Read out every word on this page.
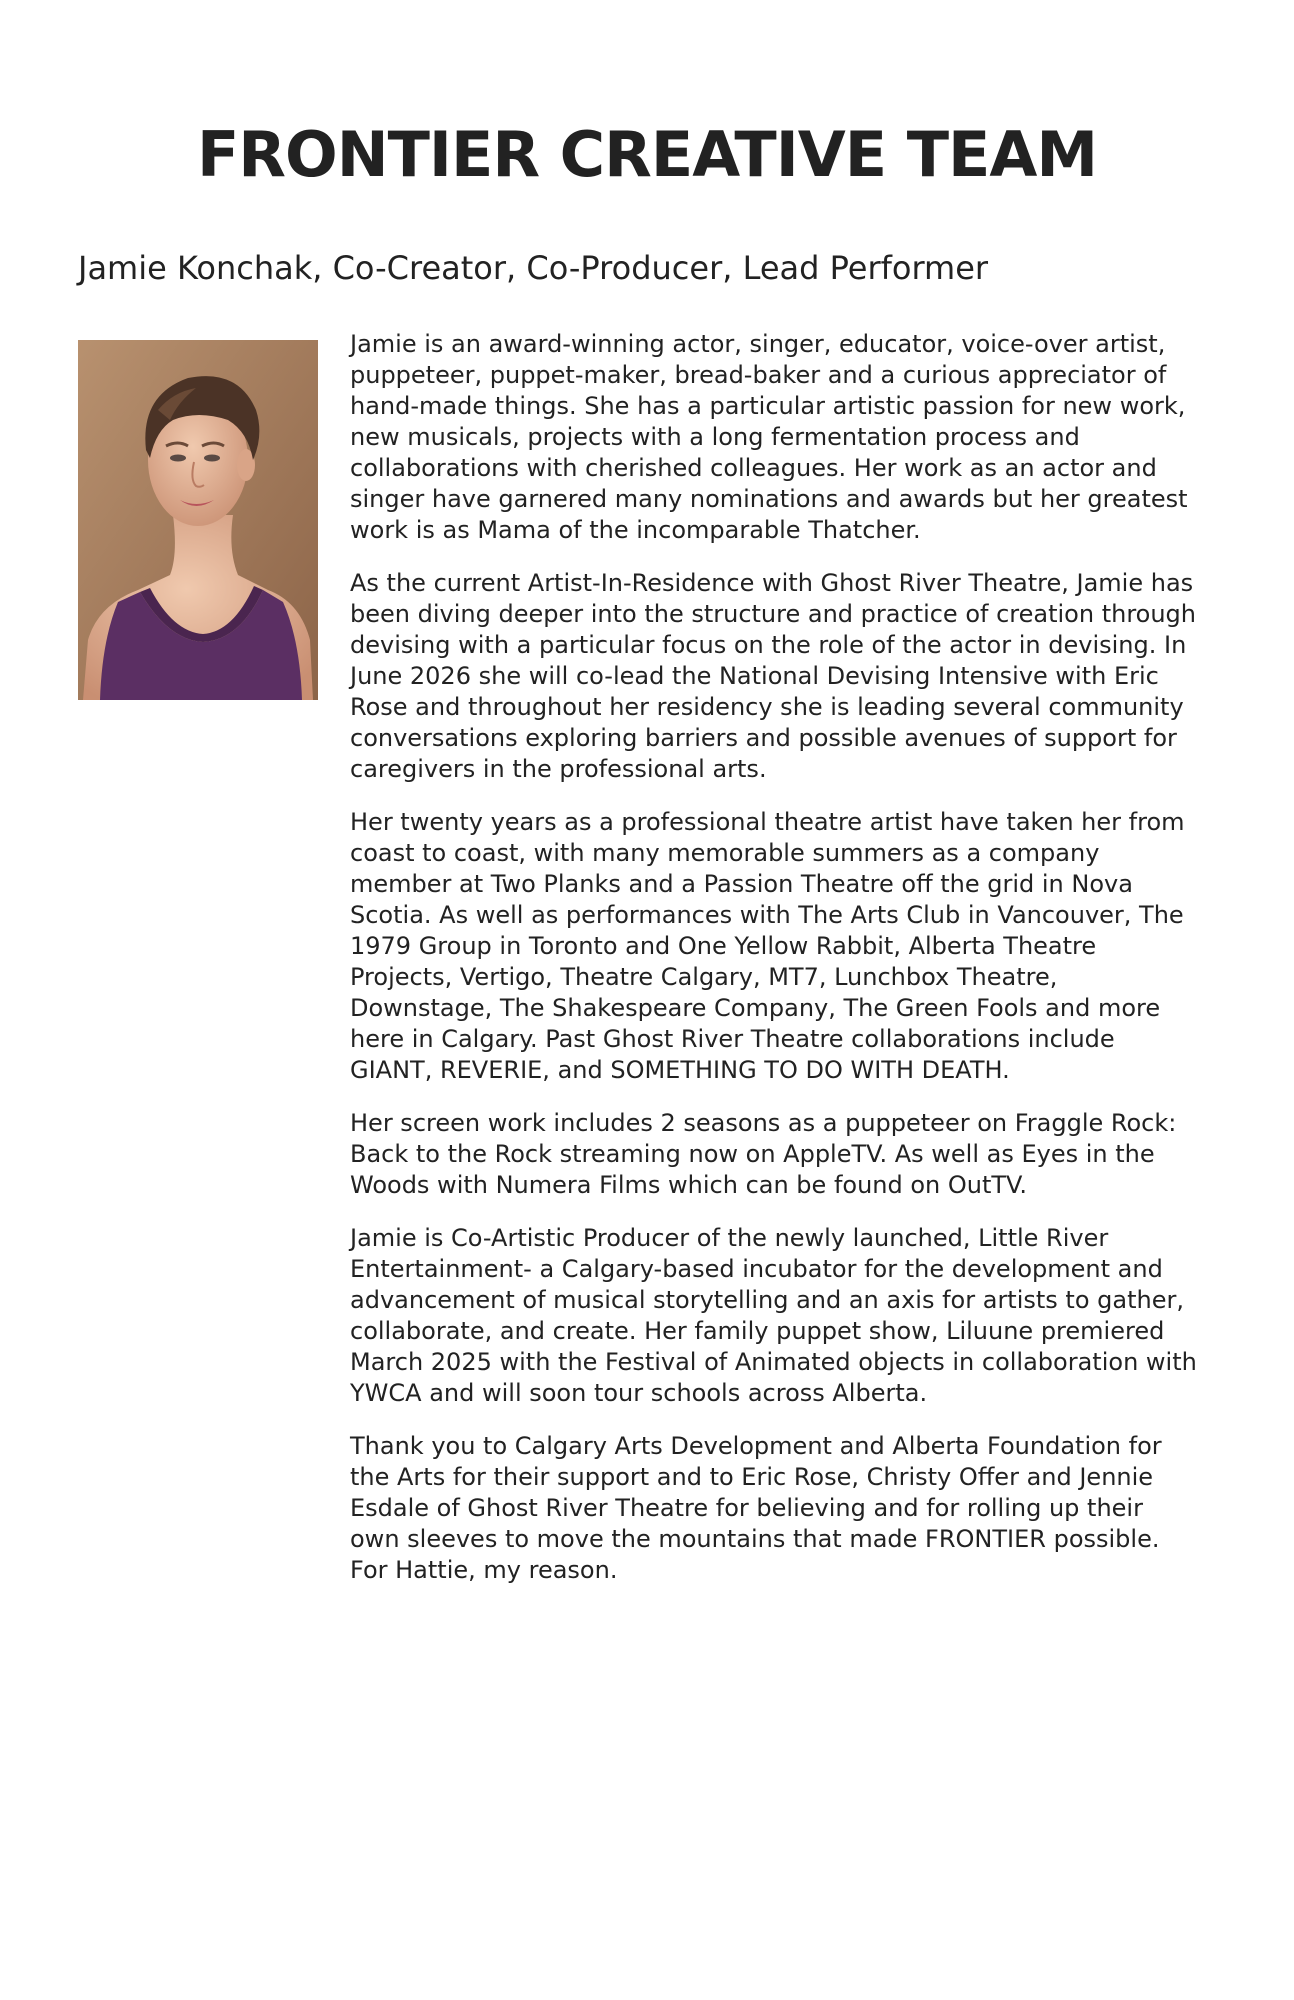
FRONTIER CREATIVE TEAM
Jamie Konchak, Co-Creator, Co-Producer, Lead Performer

Jamie is an award-winning actor, singer, educator, voice-over artist, puppeteer, puppet-maker, bread-baker and a curious appreciator of hand-made things. She has a particular artistic passion for new work, new musicals, projects with a long fermentation process and collaborations with cherished colleagues. Her work as an actor and singer have garnered many nominations and awards but her greatest work is as Mama of the incomparable Thatcher.

As the current Artist-In-Residence with Ghost River Theatre, Jamie has been diving deeper into the structure and practice of creation through devising with a particular focus on the role of the actor in devising. In June 2026 she will co-lead the National Devising Intensive with Eric Rose and throughout her residency she is leading several community conversations exploring barriers and possible avenues of support for caregivers in the professional arts.

Her twenty years as a professional theatre artist have taken her from coast to coast, with many memorable summers as a company member at Two Planks and a Passion Theatre off the grid in Nova Scotia. As well as performances with The Arts Club in Vancouver, The 1979 Group in Toronto and One Yellow Rabbit, Alberta Theatre Projects, Vertigo, Theatre Calgary, MT7, Lunchbox Theatre, Downstage, The Shakespeare Company, The Green Fools and more here in Calgary. Past Ghost River Theatre collaborations include GIANT, REVERIE, and SOMETHING TO DO WITH DEATH.

Her screen work includes 2 seasons as a puppeteer on Fraggle Rock: Back to the Rock streaming now on AppleTV. As well as Eyes in the Woods with Numera Films which can be found on OutTV.

Jamie is Co-Artistic Producer of the newly launched, Little River Entertainment- a Calgary-based incubator for the development and advancement of musical storytelling and an axis for artists to gather, collaborate, and create. Her family puppet show, Liluune premiered March 2025 with the Festival of Animated objects in collaboration with YWCA and will soon tour schools across Alberta.

Thank you to Calgary Arts Development and Alberta Foundation for the Arts for their support and to Eric Rose, Christy Offer and Jennie Esdale of Ghost River Theatre for believing and for rolling up their own sleeves to move the mountains that made FRONTIER possible. For Hattie, my reason.
